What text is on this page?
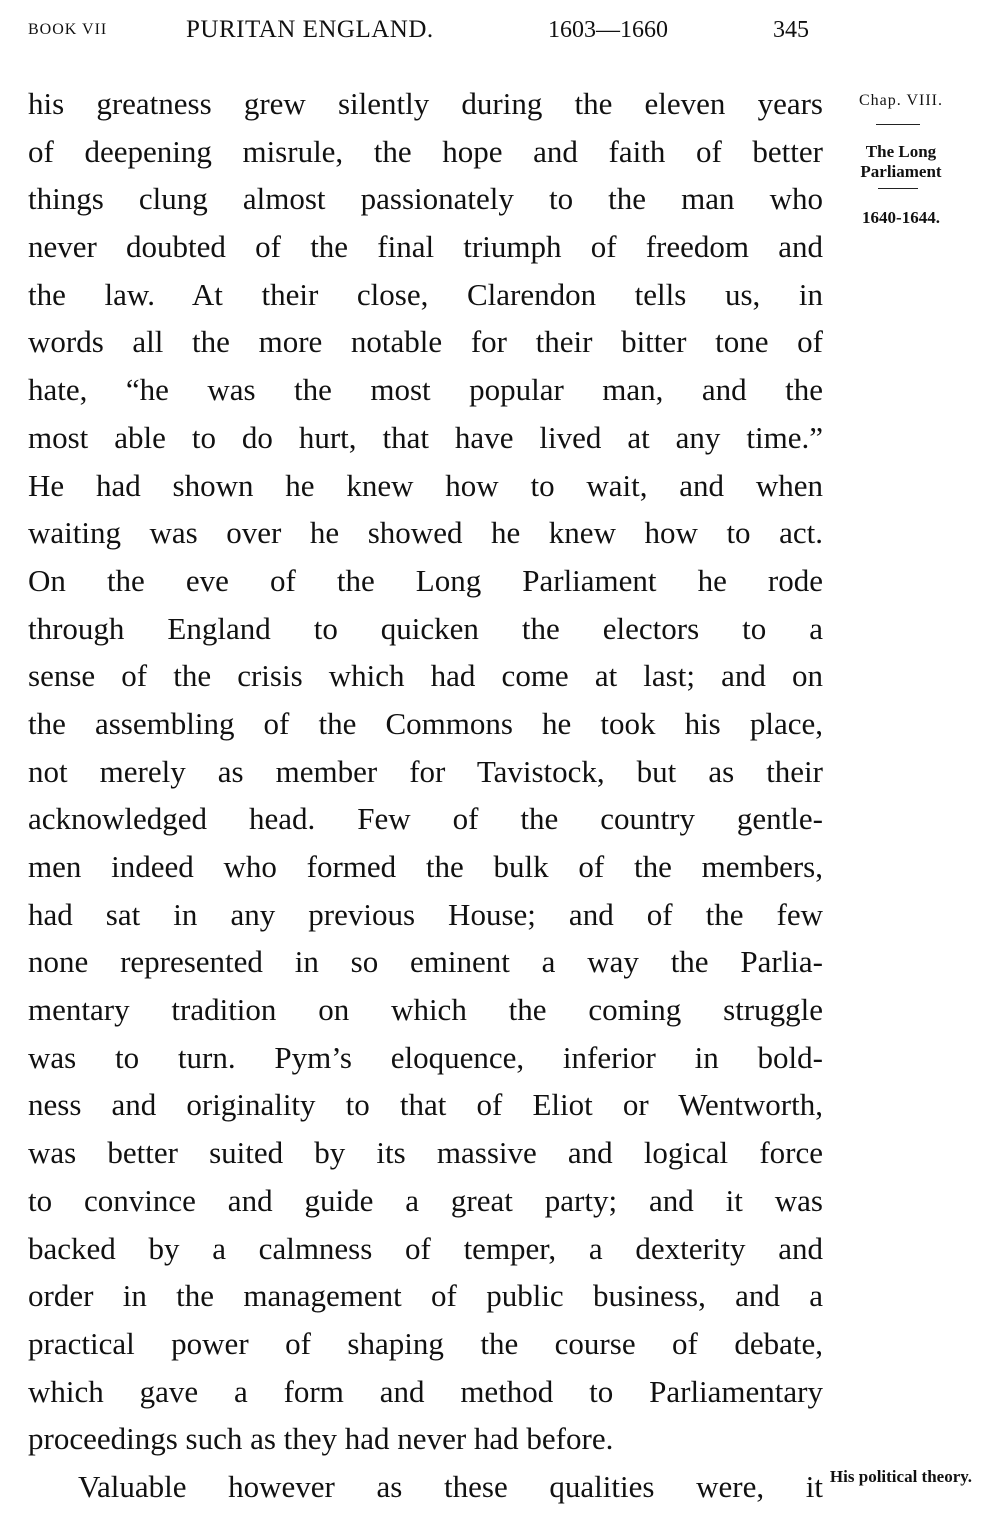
BOOK VII	PURITAN ENGLAND.	1603—1660	345
his greatness grew silently during the eleven years
of deepening misrule, the hope and faith of better
things clung almost passionately to the man who
never doubted of the final triumph of freedom and
the law. At their close, Clarendon tells us, in
words all the more notable for their bitter tone of
hate, “he was the most popular man, and the
most able to do hurt, that have lived at any time.”
He had shown he knew how to wait, and when
waiting was over he showed he knew how to act.
On the eve of the Long Parliament he rode
through England to quicken the electors to a
sense of the crisis which had come at last; and on
the assembling of the Commons he took his place,
not merely as member for Tavistock, but as their
acknowledged head. Few of the country gentle-
men indeed who formed the bulk of the members,
had sat in any previous House; and of the few
none represented in so eminent a way the Parlia-
mentary tradition on which the coming struggle
was to turn. Pym’s eloquence, inferior in bold-
ness and originality to that of Eliot or Wentworth,
was better suited by its massive and logical force
to convince and guide a great party; and it was
backed by a calmness of temper, a dexterity and
order in the management of public business, and a
practical power of shaping the course of debate,
which gave a form and method to Parliamentary
proceedings such as they had never had before.
Valuable however as these qualities were, it
Chap. VIII.
The Long Parliament
1640-1644.
His political theory.
